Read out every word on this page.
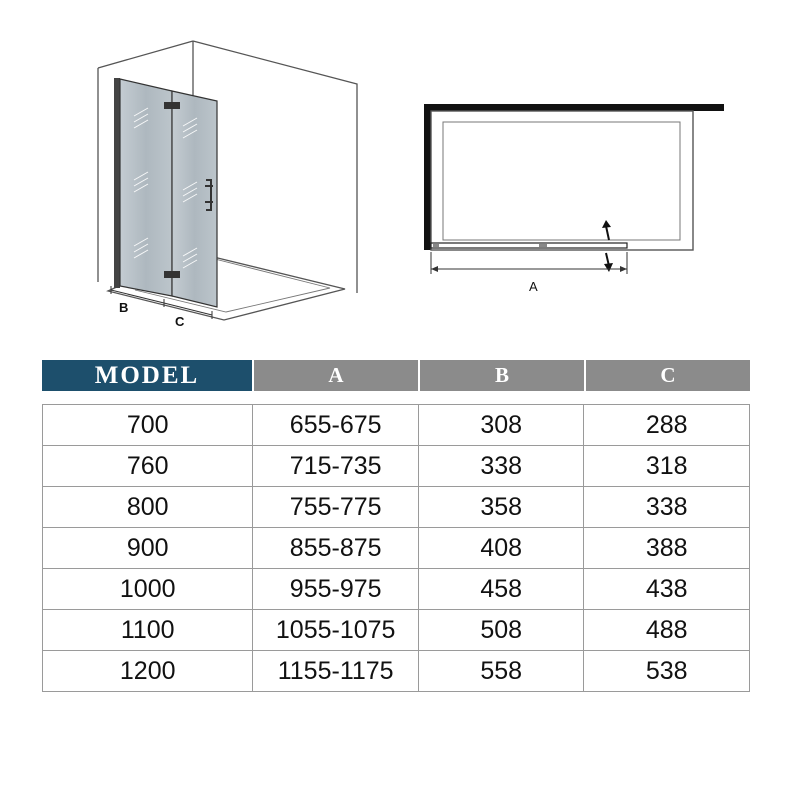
B
C
A
MODEL	A	B	C
700	655-675	308	288
760	715-735	338	318
800	755-775	358	338
900	855-875	408	388
1000	955-975	458	438
1100	1055-1075	508	488
1200	1155-1175	558	538
